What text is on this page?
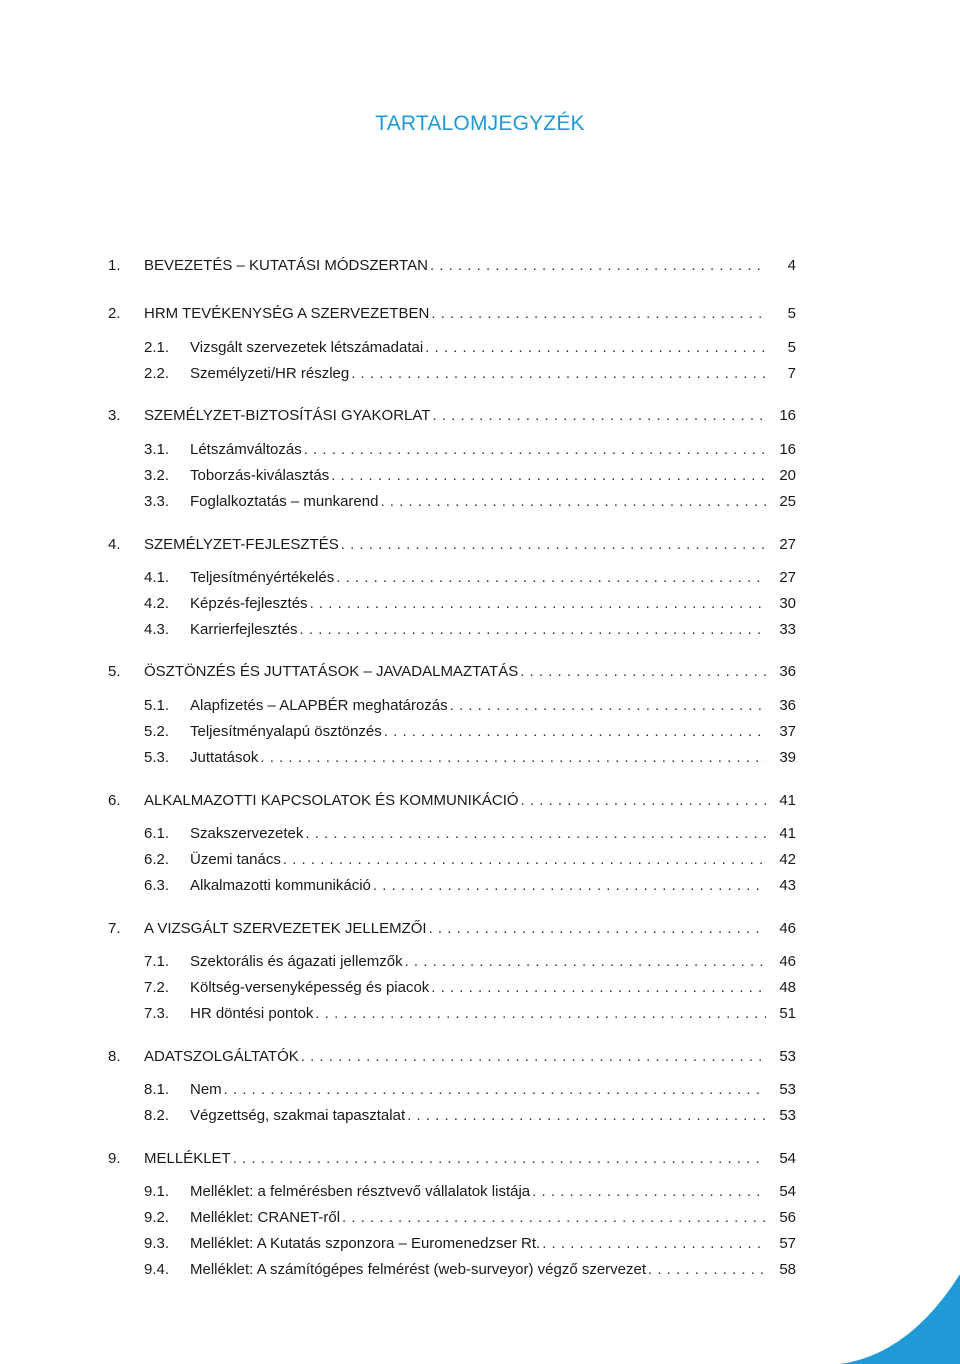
TARTALOMJEGYZÉK
1.	BEVEZETÉS – KUTATÁSI MÓDSZERTAN . . .	4
2.	HRM TEVÉKENYSÉG A SZERVEZETBEN . . .	5
2.1.	Vizsgált szervezetek létszámadatai . . .	5
2.2.	Személyzeti/HR részleg . . .	7
3.	SZEMÉLYZET-BIZTOSÍTÁSI GYAKORLAT . . .	16
3.1.	Létszámváltozás . . .	16
3.2.	Toborzás-kiválasztás . . .	20
3.3.	Foglalkoztatás – munkarend . . .	25
4.	SZEMÉLYZET-FEJLESZTÉS . . .	27
4.1.	Teljesítményértékelés . . .	27
4.2.	Képzés-fejlesztés . . .	30
4.3.	Karrierfejlesztés . . .	33
5.	ÖSZTÖNZÉS ÉS JUTTATÁSOK – JAVADALMAZTATÁS . . .	36
5.1.	Alapfizetés – ALAPBÉR meghatározás . . .	36
5.2.	Teljesítményalapú ösztönzés . . .	37
5.3.	Juttatások . . .	39
6.	ALKALMAZOTTI KAPCSOLATOK ÉS KOMMUNIKÁCIÓ . . .	41
6.1.	Szakszervezetek . . .	41
6.2.	Üzemi tanács . . .	42
6.3.	Alkalmazotti kommunikáció . . .	43
7.	A VIZSGÁLT SZERVEZETEK JELLEMZŐI . . .	46
7.1.	Szektorális és ágazati jellemzők . . .	46
7.2.	Költség-versenyképesség és piacok . . .	48
7.3.	HR döntési pontok . . .	51
8.	ADATSZOLGÁLTATÓK . . .	53
8.1.	Nem . . .	53
8.2.	Végzettség, szakmai tapasztalat . . .	53
9.	MELLÉKLET . . .	54
9.1.	Melléklet: a felmérésben résztvevő vállalatok listája . . .	54
9.2.	Melléklet: CRANET-ről . . .	56
9.3.	Melléklet: A Kutatás szponzora – Euromenedzser Rt. . . .	57
9.4.	Melléklet: A számítógépes felmérést (web-surveyor) végző szervezet . . .	58
